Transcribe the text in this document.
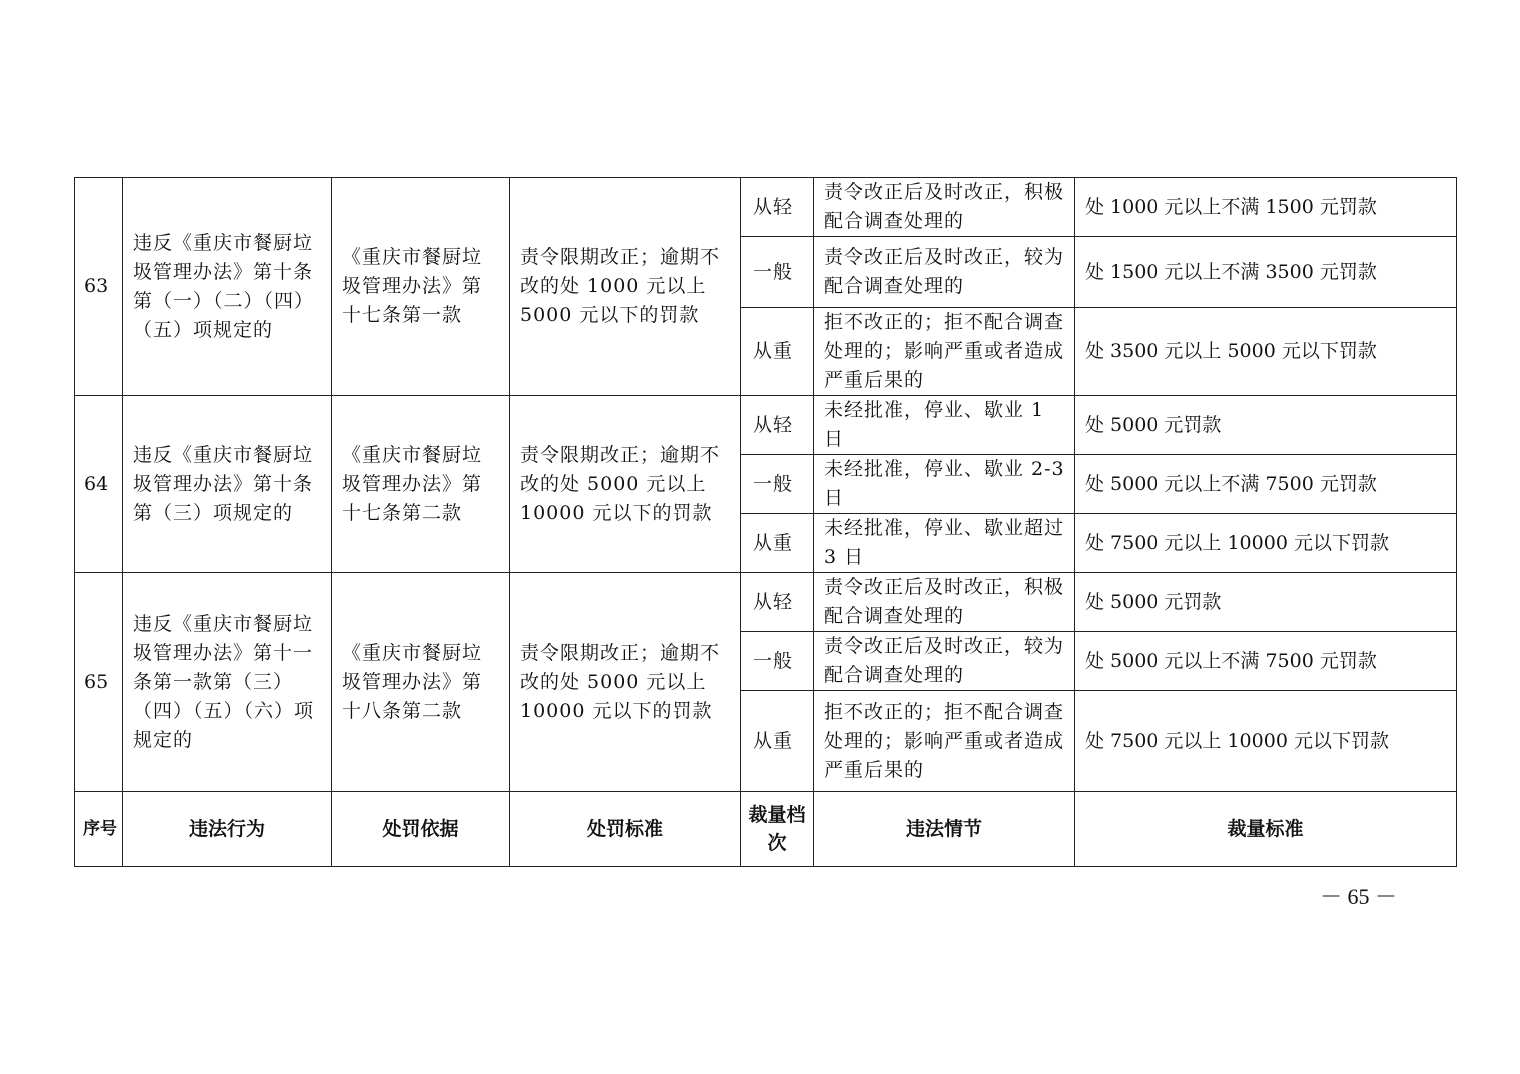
63	违反《重庆市餐厨垃圾管理办法》第十条第（一）（二）（四）（五）项规定的	《重庆市餐厨垃圾管理办法》第十七条第一款	责令限期改正；逾期不改的处 1000 元以上 5000 元以下的罚款	从轻	责令改正后及时改正，积极配合调查处理的	处 1000 元以上不满 1500 元罚款
				一般	责令改正后及时改正，较为配合调查处理的	处 1500 元以上不满 3500 元罚款
				从重	拒不改正的；拒不配合调查处理的；影响严重或者造成严重后果的	处 3500 元以上 5000 元以下罚款
64	违反《重庆市餐厨垃圾管理办法》第十条第（三）项规定的	《重庆市餐厨垃圾管理办法》第十七条第二款	责令限期改正；逾期不改的处 5000 元以上 10000 元以下的罚款	从轻	未经批准，停业、歇业 1 日	处 5000 元罚款
				一般	未经批准，停业、歇业 2-3 日	处 5000 元以上不满 7500 元罚款
				从重	未经批准，停业、歇业超过 3 日	处 7500 元以上 10000 元以下罚款
65	违反《重庆市餐厨垃圾管理办法》第十一条第一款第（三）（四）（五）（六）项规定的	《重庆市餐厨垃圾管理办法》第十八条第二款	责令限期改正；逾期不改的处 5000 元以上 10000 元以下的罚款	从轻	责令改正后及时改正，积极配合调查处理的	处 5000 元罚款
				一般	责令改正后及时改正，较为配合调查处理的	处 5000 元以上不满 7500 元罚款
				从重	拒不改正的；拒不配合调查处理的；影响严重或者造成严重后果的	处 7500 元以上 10000 元以下罚款
序号	违法行为	处罚依据	处罚标准	裁量档次	违法情节	裁量标准
－ 65 －
